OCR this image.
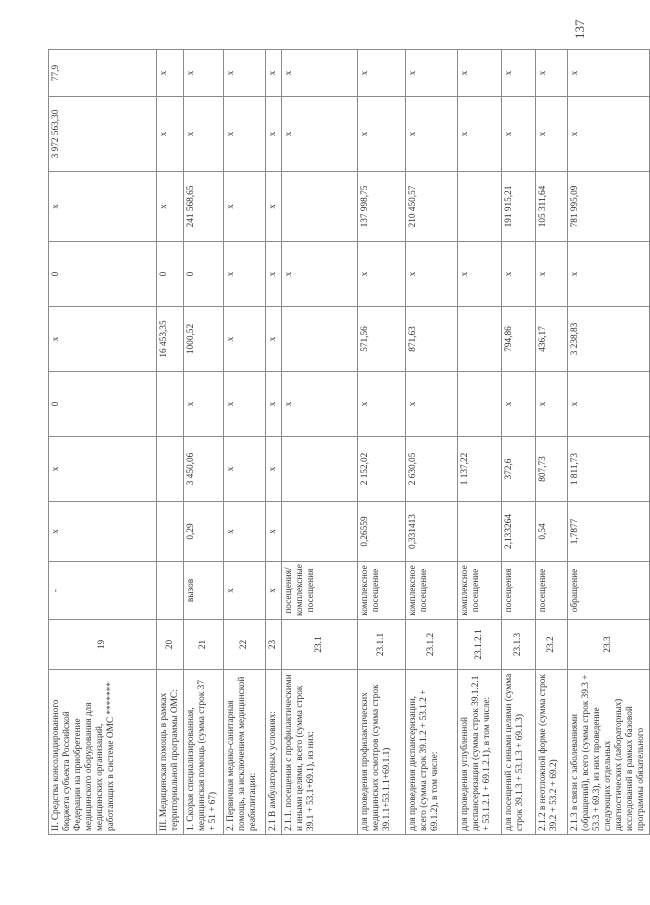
II. Средства консолидированного бюджета субъекта Российской Федерации на приобретение медицинского оборудования для медицинских организаций, работающих в системе ОМС *******	19	-	x	x	0	x	0	x	3 972 563,30	77,9
III. Медицинская помощь в рамках территориальной программы ОМС:	20					16 453,35	0	x	x	x
1. Скорая специализированная, медицинская помощь (сумма строк 37 + 51 + 67)	21	вызов	0,29	3 450,06	x	1000,52	0	241 568,65	x	x
2. Первичная медико-санитарная помощь, за исключением медицинской реабилитации:	22	x	x	x	x	x	x	x	x	x
2.1 В амбулаторных условиях:	23	x	x	x	x	x	x	x	x	x
2.1.1. посещения с профилактическими и иными целями, всего (сумма строк 39.1 + 53.1+69.1), из них:	23.1	посещения/ комплексные посещения			x		x		x	x
для проведения профилактических медицинских осмотров (сумма строк 39.1.1+53.1.1+69.1.1)	23.1.1	комплексное посещение	0,26559	2 152,02	x	571,56	x	137 998,75	x	x
для проведения диспансеризации, всего (сумма строк 39.1.2 + 53.1.2 + 69.1.2), в том числе:	23.1.2	комплексное посещение	0,331413	2 630,05	x	871,63	x	210 450,57	x	x
для проведения углубленной диспансеризации (сумма строк 39.1.2.1 + 53.1.2.1 + 69.1.2.1), в том числе:	23.1.2.1	комплексное посещение		1 137,22			x		x	x
для посещений с иными целями (сумма строк 39.1.3 + 53.1.3 + 69.1.3)	23.1.3	посещения	2,133264	372,6	x	794,86	x	191 915,21	x	x
2.1.2 в неотложной форме (сумма строк 39.2 + 53.2 + 69.2)	23.2	посещение	0,54	807,73	x	436,17	x	105 311,64	x	x
2.1.3 в связи с заболеваниями (обращений), всего (сумма строк 39.3 + 53.3 + 69.3), из них проведение следующих отдельных диагностических (лабораторных) исследований в рамках базовой программы обязательного	23.3	обращение	1,7877	1 811,73	x	3 238,83	x	781 995,09	x	x
137
